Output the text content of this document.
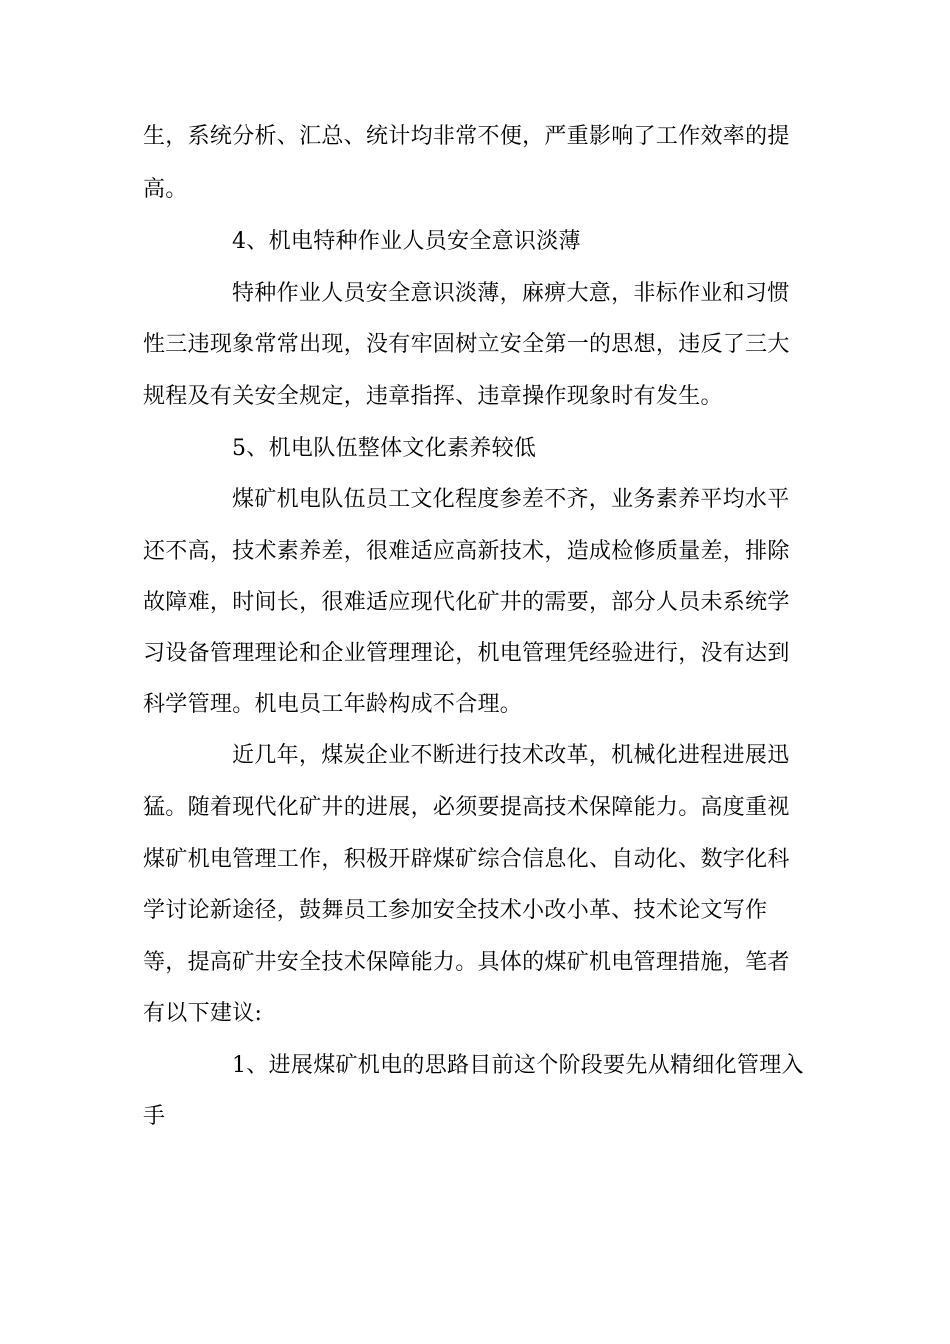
生，系统分析、汇总、统计均非常不便，严重影响了工作效率的提
高。
4、机电特种作业人员安全意识淡薄
特种作业人员安全意识淡薄，麻痹大意，非标作业和习惯
性三违现象常常出现，没有牢固树立安全第一的思想，违反了三大
规程及有关安全规定，违章指挥、违章操作现象时有发生。
5、机电队伍整体文化素养较低
煤矿机电队伍员工文化程度参差不齐，业务素养平均水平
还不高，技术素养差，很难适应高新技术，造成检修质量差，排除
故障难，时间长，很难适应现代化矿井的需要，部分人员未系统学
习设备管理理论和企业管理理论，机电管理凭经验进行，没有达到
科学管理。机电员工年龄构成不合理。
近几年，煤炭企业不断进行技术改革，机械化进程进展迅
猛。随着现代化矿井的进展，必须要提高技术保障能力。高度重视
煤矿机电管理工作，积极开辟煤矿综合信息化、自动化、数字化科
学讨论新途径，鼓舞员工参加安全技术小改小革、技术论文写作
等，提高矿井安全技术保障能力。具体的煤矿机电管理措施，笔者
有以下建议:
1、进展煤矿机电的思路目前这个阶段要先从精细化管理入
手
